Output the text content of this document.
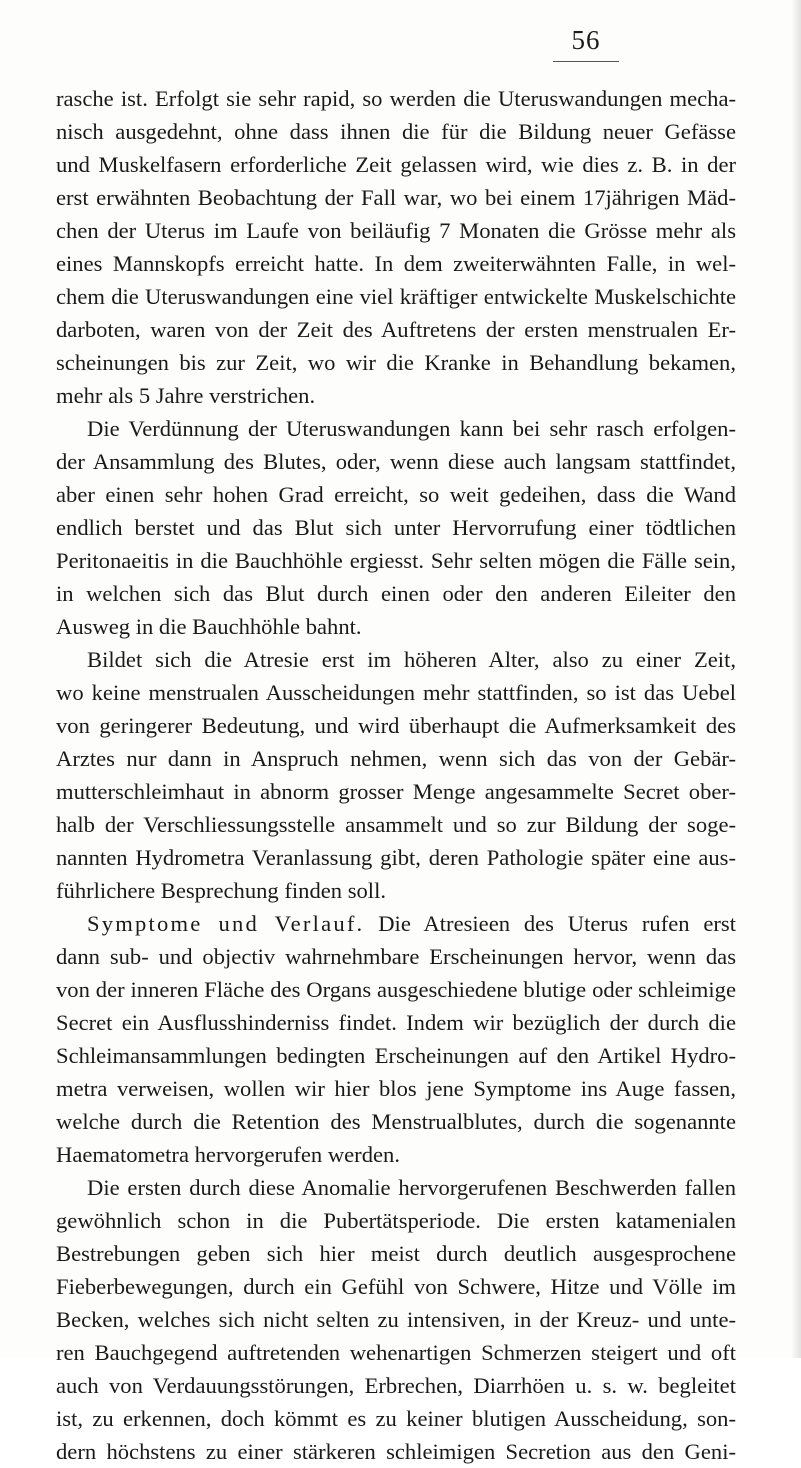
56
rasche ist. Erfolgt sie sehr rapid, so werden die Uteruswandungen mecha-
nisch ausgedehnt, ohne dass ihnen die für die Bildung neuer Gefässe
und Muskelfasern erforderliche Zeit gelassen wird, wie dies z. B. in der
erst erwähnten Beobachtung der Fall war, wo bei einem 17jährigen Mäd-
chen der Uterus im Laufe von beiläufig 7 Monaten die Grösse mehr als
eines Mannskopfs erreicht hatte. In dem zweiterwähnten Falle, in wel-
chem die Uteruswandungen eine viel kräftiger entwickelte Muskelschichte
darboten, waren von der Zeit des Auftretens der ersten menstrualen Er-
scheinungen bis zur Zeit, wo wir die Kranke in Behandlung bekamen,
mehr als 5 Jahre verstrichen.
Die Verdünnung der Uteruswandungen kann bei sehr rasch erfolgen-
der Ansammlung des Blutes, oder, wenn diese auch langsam stattfindet,
aber einen sehr hohen Grad erreicht, so weit gedeihen, dass die Wand
endlich berstet und das Blut sich unter Hervorrufung einer tödtlichen
Peritonaeitis in die Bauchhöhle ergiesst. Sehr selten mögen die Fälle sein,
in welchen sich das Blut durch einen oder den anderen Eileiter den
Ausweg in die Bauchhöhle bahnt.
Bildet sich die Atresie erst im höheren Alter, also zu einer Zeit,
wo keine menstrualen Ausscheidungen mehr stattfinden, so ist das Uebel
von geringerer Bedeutung, und wird überhaupt die Aufmerksamkeit des
Arztes nur dann in Anspruch nehmen, wenn sich das von der Gebär-
mutterschleimhaut in abnorm grosser Menge angesammelte Secret ober-
halb der Verschliessungsstelle ansammelt und so zur Bildung der soge-
nannten Hydrometra Veranlassung gibt, deren Pathologie später eine aus-
führlichere Besprechung finden soll.
Symptome und Verlauf. Die Atresieen des Uterus rufen erst
dann sub- und objectiv wahrnehmbare Erscheinungen hervor, wenn das
von der inneren Fläche des Organs ausgeschiedene blutige oder schleimige
Secret ein Ausflusshinderniss findet. Indem wir bezüglich der durch die
Schleimansammlungen bedingten Erscheinungen auf den Artikel Hydro-
metra verweisen, wollen wir hier blos jene Symptome ins Auge fassen,
welche durch die Retention des Menstrualblutes, durch die sogenannte
Haematometra hervorgerufen werden.
Die ersten durch diese Anomalie hervorgerufenen Beschwerden fallen
gewöhnlich schon in die Pubertätsperiode. Die ersten katamenialen
Bestrebungen geben sich hier meist durch deutlich ausgesprochene
Fieberbewegungen, durch ein Gefühl von Schwere, Hitze und Völle im
Becken, welches sich nicht selten zu intensiven, in der Kreuz- und unte-
ren Bauchgegend auftretenden wehenartigen Schmerzen steigert und oft
auch von Verdauungsstörungen, Erbrechen, Diarrhöen u. s. w. begleitet
ist, zu erkennen, doch kömmt es zu keiner blutigen Ausscheidung, son-
dern höchstens zu einer stärkeren schleimigen Secretion aus den Geni-
